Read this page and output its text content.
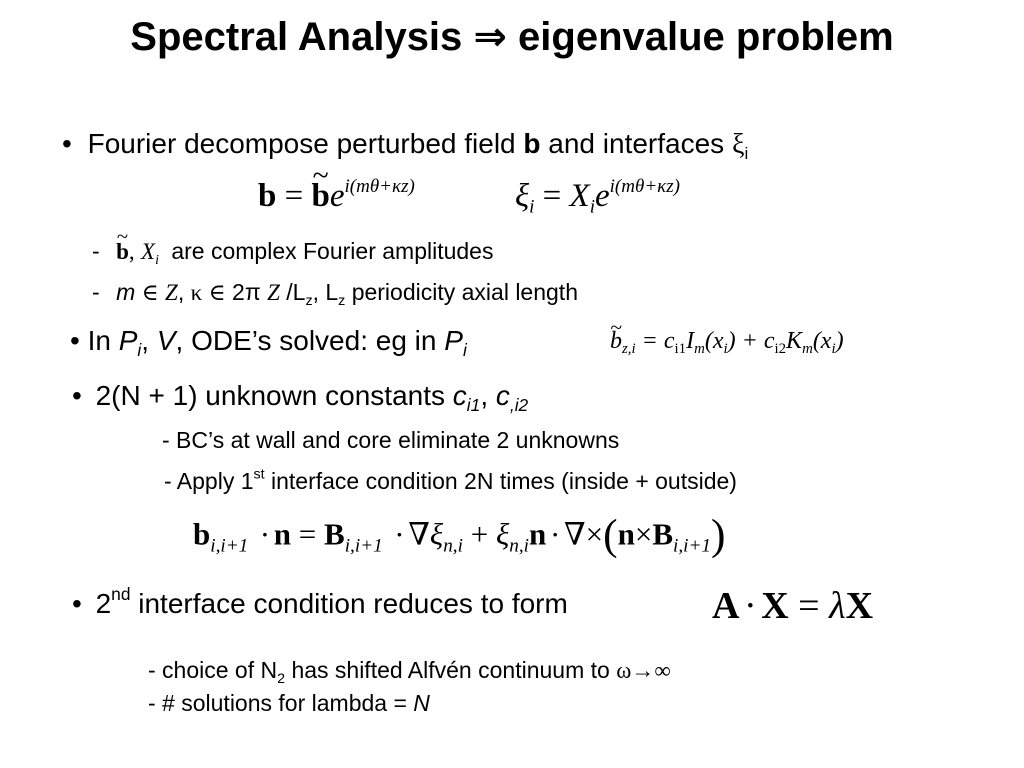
Spectral Analysis ⇒ eigenvalue problem
• Fourier decompose perturbed field b and interfaces $\xi_i$
b = ~ $be^{i(m\theta+\kappa z)}$	$\xi_i = X_ie^{i(m\theta+\kappa z)}$
- ~ b, $X_i$ are complex Fourier amplitudes
- m ∈ Z, κ ∈ 2π Z $/L_z$, $L_z$ periodicity axial length
• In $P_i$, V, ODE’s solved: eg in $P_i$	~ $b_{z,i} = c_{i1}I_m(x_i) + c_{i2}K_m(x_i)$
• 2(N + 1) unknown constants $c_{i1}$, $c_{,i2}$
- BC’s at wall and core eliminate 2 unknowns
- Apply 1st interface condition 2N times (inside + outside)
$b_{i,i+1} \cdot n = B_{i,i+1} \cdot \nabla\xi_{n,i} + \xi_{n,i}n \cdot \nabla\times(n\times B_{i,i+1})$
• 2nd interface condition reduces to form	A · X = λX
- choice of $N_2$ has shifted Alfvén continuum to ω→∞
- # solutions for lambda = N
